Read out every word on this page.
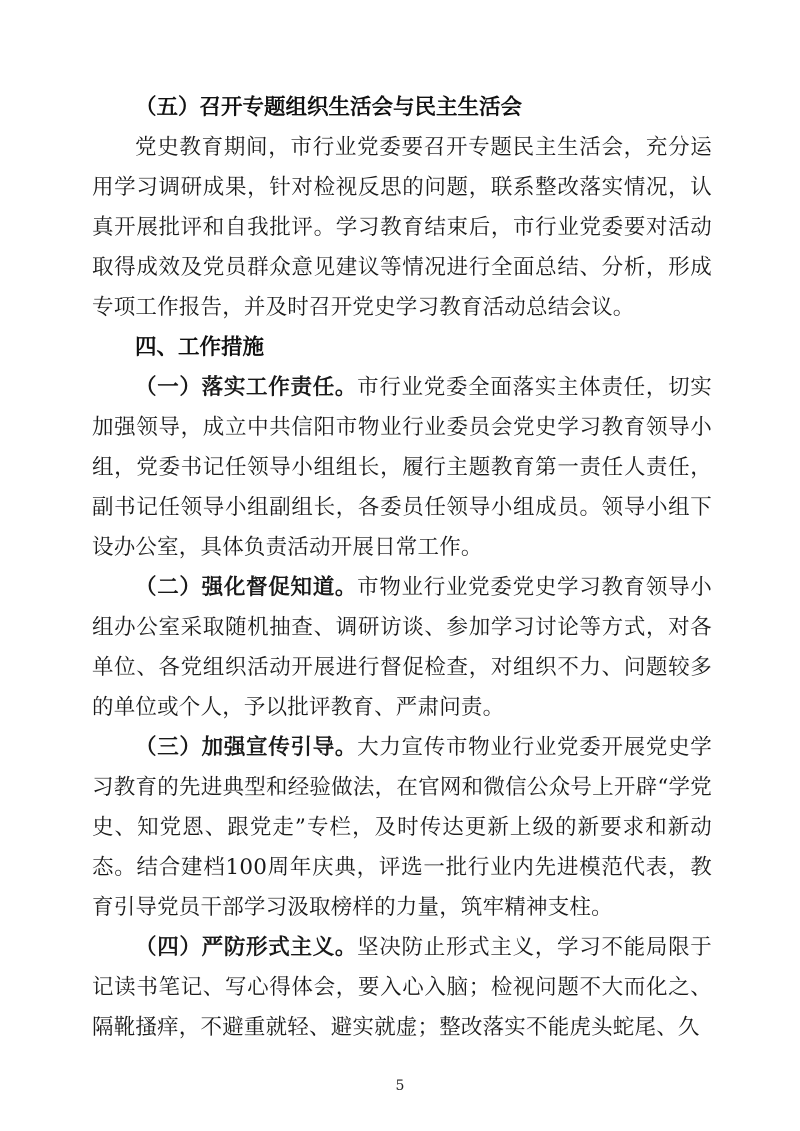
（五）召开专题组织生活会与民主生活会

党史教育期间，市行业党委要召开专题民主生活会，充分运用学习调研成果，针对检视反思的问题，联系整改落实情况，认真开展批评和自我批评。学习教育结束后，市行业党委要对活动取得成效及党员群众意见建议等情况进行全面总结、分析，形成专项工作报告，并及时召开党史学习教育活动总结会议。

四、工作措施

（一）落实工作责任。市行业党委全面落实主体责任，切实加强领导，成立中共信阳市物业行业委员会党史学习教育领导小组，党委书记任领导小组组长，履行主题教育第一责任人责任，副书记任领导小组副组长，各委员任领导小组成员。领导小组下设办公室，具体负责活动开展日常工作。

（二）强化督促知道。市物业行业党委党史学习教育领导小组办公室采取随机抽查、调研访谈、参加学习讨论等方式，对各单位、各党组织活动开展进行督促检查，对组织不力、问题较多的单位或个人，予以批评教育、严肃问责。

（三）加强宣传引导。大力宣传市物业行业党委开展党史学习教育的先进典型和经验做法，在官网和微信公众号上开辟“学党史、知党恩、跟党走”专栏，及时传达更新上级的新要求和新动态。结合建档100周年庆典，评选一批行业内先进模范代表，教育引导党员干部学习汲取榜样的力量，筑牢精神支柱。

（四）严防形式主义。坚决防止形式主义，学习不能局限于记读书笔记、写心得体会，要入心入脑；检视问题不大而化之、隔靴搔痒，不避重就轻、避实就虚；整改落实不能虎头蛇尾、久

5
